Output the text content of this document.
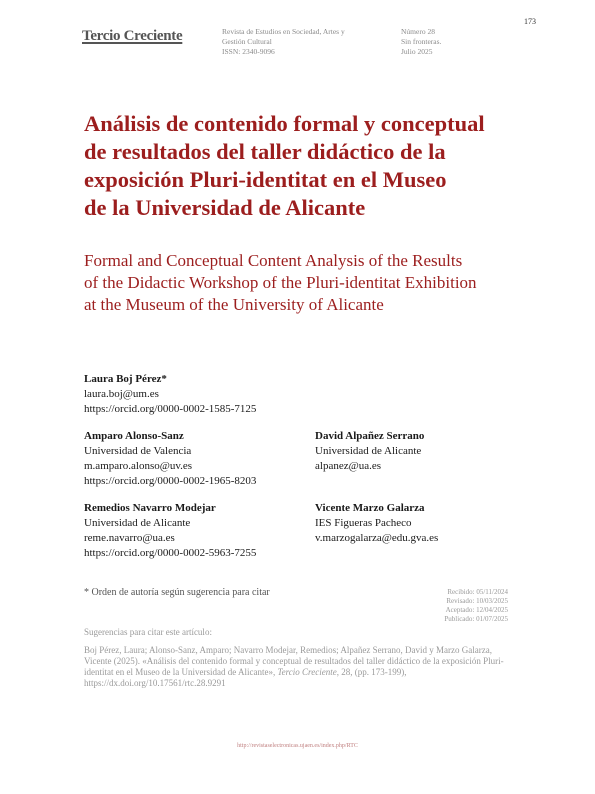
Tercio Creciente	Revista de Estudios en Sociedad, Artes y
Gestión Cultural
ISSN: 2340-9096
Número 28
Sin fronteras.
Julio 2025
173
Análisis de contenido formal y conceptual
de resultados del taller didáctico de la
exposición Pluri-identitat en el Museo
de la Universidad de Alicante
Formal and Conceptual Content Analysis of the Results
of the Didactic Workshop of the Pluri-identitat Exhibition
at the Museum of the University of Alicante
Laura Boj Pérez*
laura.boj@um.es
https://orcid.org/0000-0002-1585-7125
Amparo Alonso-Sanz
Universidad de Valencia
m.amparo.alonso@uv.es
https://orcid.org/0000-0002-1965-8203
David Alpañez Serrano
Universidad de Alicante
alpanez@ua.es
Remedios Navarro Modejar
Universidad de Alicante
reme.navarro@ua.es
https://orcid.org/0000-0002-5963-7255
Vicente Marzo Galarza
IES Figueras Pacheco
v.marzogalarza@edu.gva.es
* Orden de autoría según sugerencia para citar	Recibido: 05/11/2024
Revisado: 10/03/2025
Aceptado: 12/04/2025
Publicado: 01/07/2025
Sugerencias para citar este artículo:
Boj Pérez, Laura; Alonso-Sanz, Amparo; Navarro Modejar, Remedios; Alpañez Serrano, David y Marzo Galarza, Vicente (2025). «Análisis del contenido formal y conceptual de resultados del taller didáctico de la exposición Pluri-identitat en el Museo de la Universidad de Alicante», Tercio Creciente, 28, (pp. 173-199), https://dx.doi.org/10.17561/rtc.28.9291
http://revistaselectronicas.ujaen.es/index.php/RTC
